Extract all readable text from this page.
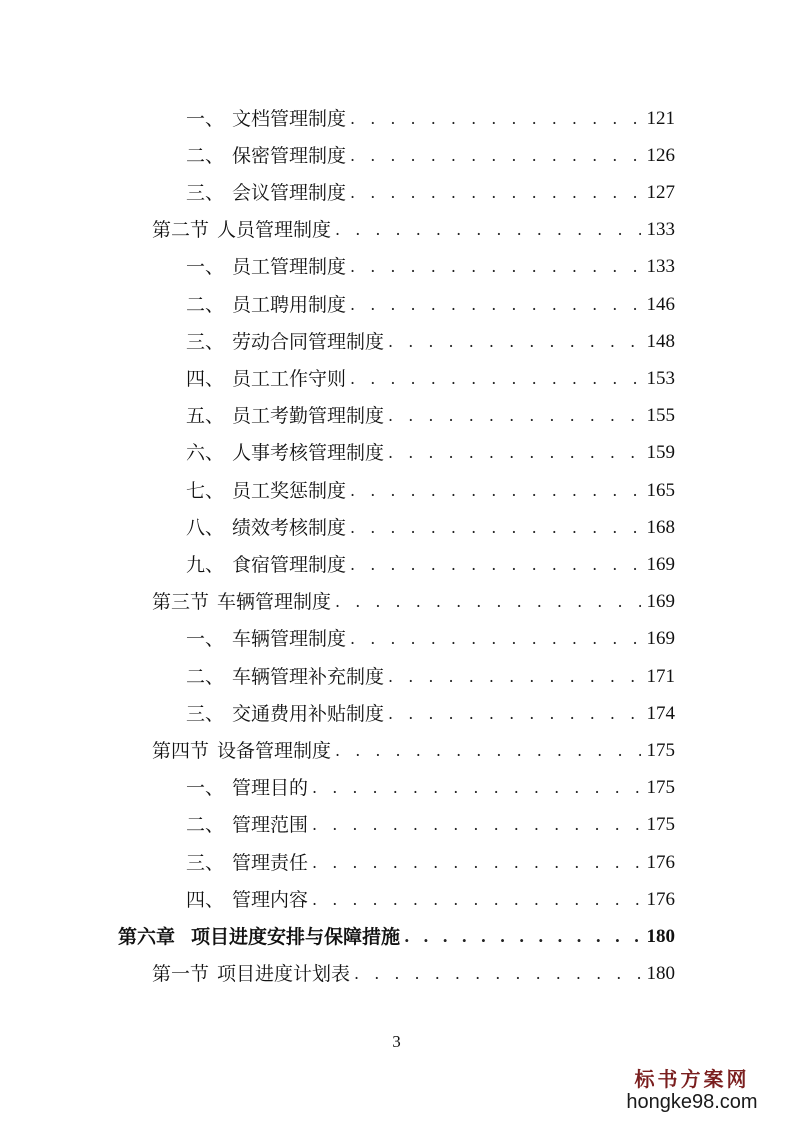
一、 文档管理制度 . . .	121
二、 保密管理制度 . . .	126
三、 会议管理制度 . . .	127
第二节 人员管理制度 . . .	133
一、 员工管理制度 . . .	133
二、 员工聘用制度 . . .	146
三、 劳动合同管理制度 . . .	148
四、 员工工作守则 . . .	153
五、 员工考勤管理制度 . . .	155
六、 人事考核管理制度 . . .	159
七、 员工奖惩制度 . . .	165
八、 绩效考核制度 . . .	168
九、 食宿管理制度 . . .	169
第三节 车辆管理制度 . . .	169
一、 车辆管理制度 . . .	169
二、 车辆管理补充制度 . . .	171
三、 交通费用补贴制度 . . .	174
第四节 设备管理制度 . . .	175
一、 管理目的 . . .	175
二、 管理范围 . . .	175
三、 管理责任 . . .	176
四、 管理内容 . . .	176
第六章 项目进度安排与保障措施 . . .	180
第一节 项目进度计划表 . . .	180
3
标书方案网
hongke98.com
